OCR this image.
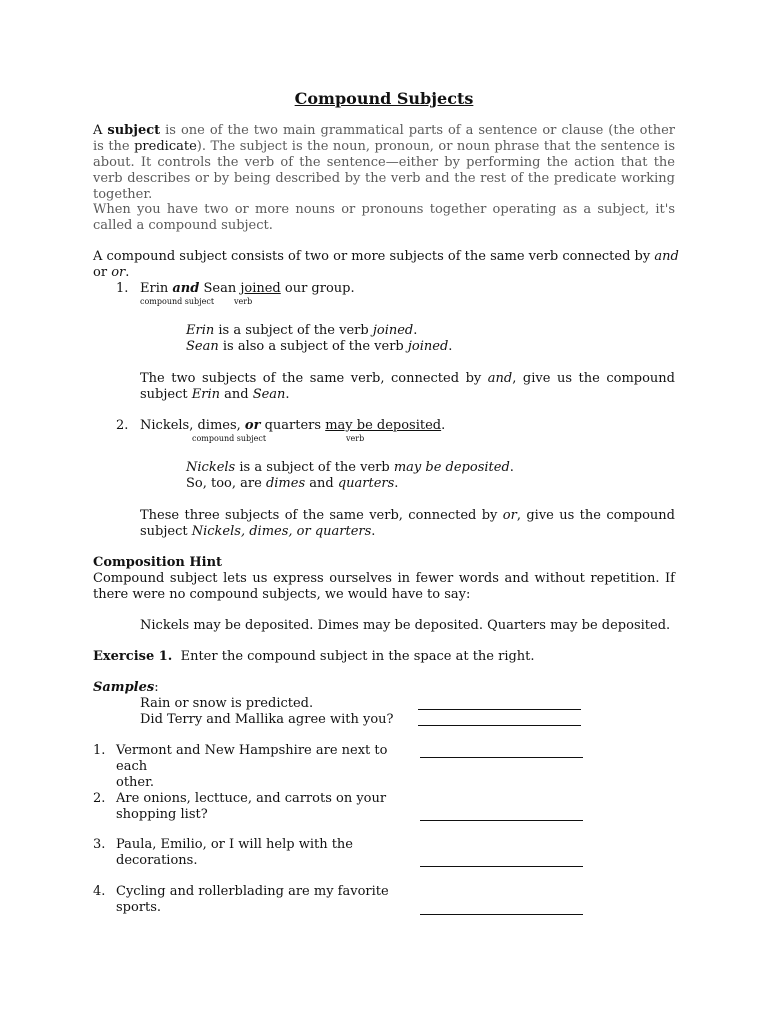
Compound Subjects

A subject is one of the two main grammatical parts of a sentence or clause (the other is the predicate). The subject is the noun, pronoun, or noun phrase that the sentence is about. It controls the verb of the sentence—either by performing the action that the verb describes or by being described by the verb and the rest of the predicate working together.

When you have two or more nouns or pronouns together operating as a subject, it's called a compound subject.

A compound subject consists of two or more subjects of the same verb connected by and or or.

1. Erin and Sean joined our group.

compound subject verb

Erin is a subject of the verb joined.

Sean is also a subject of the verb joined.

The two subjects of the same verb, connected by and, give us the compound subject Erin and Sean.

2. Nickels, dimes, or quarters may be deposited.

compound subject	verb

Nickels is a subject of the verb may be deposited.

So, too, are dimes and quarters.

These three subjects of the same verb, connected by or, give us the compound subject Nickels, dimes, or quarters.

Composition Hint

Compound subject lets us express ourselves in fewer words and without repetition. If there were no compound subjects, we would have to say:

Nickels may be deposited. Dimes may be deposited. Quarters may be deposited.

Exercise 1. Enter the compound subject in the space at the right.

Samples:

Rain or snow is predicted.

Did Terry and Mallika agree with you?

1. Vermont and New Hampshire are next to each
other.

2. Are onions, lecttuce, and carrots on your
shopping list?

3. Paula, Emilio, or I will help with the
decorations.

4. Cycling and rollerblading are my favorite
sports.
